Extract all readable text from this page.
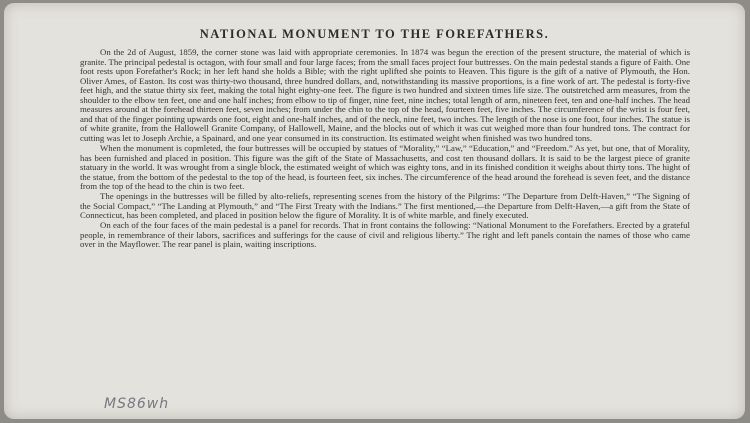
NATIONAL MONUMENT TO THE FOREFATHERS.

On the 2d of August, 1859, the corner stone was laid with appropriate ceremonies. In 1874 was begun the erection of the present structure, the material of which is granite. The principal pedestal is octagon, with four small and four large faces; from the small faces project four buttresses. On the main pedestal stands a figure of Faith. One foot rests upon Forefather's Rock; in her left hand she holds a Bible; with the right uplifted she points to Heaven. This figure is the gift of a native of Plymouth, the Hon. Oliver Ames, of Easton. Its cost was thirty-two thousand, three hundred dollars, and, notwithstanding its massive proportions, is a fine work of art. The pedestal is forty-five feet high, and the statue thirty six feet, making the total hight eighty-one feet. The figure is two hundred and sixteen times life size. The outstretched arm measures, from the shoulder to the elbow ten feet, one and one half inches; from elbow to tip of finger, nine feet, nine inches; total length of arm, nineteen feet, ten and one-half inches. The head measures around at the forehead thirteen feet, seven inches; from under the chin to the top of the head, fourteen feet, five inches. The circumference of the wrist is four feet, and that of the finger pointing upwards one foot, eight and one-half inches, and of the neck, nine feet, two inches. The length of the nose is one foot, four inches. The statue is of white granite, from the Hallowell Granite Company, of Hallowell, Maine, and the blocks out of which it was cut weighed more than four hundred tons. The contract for cutting was let to Joseph Archie, a Spainard, and one year consumed in its construction. Its estimated weight when finished was two hundred tons.

When the monument is copmleted, the four buttresses will be occupied by statues of “Morality,” “Law,” “Education,” and “Freedom.” As yet, but one, that of Morality, has been furnished and placed in position. This figure was the gift of the State of Massachusetts, and cost ten thousand dollars. It is said to be the largest piece of granite statuary in the world. It was wrought from a single block, the estimated weight of which was eighty tons, and in its finished condition it weighs about thirty tons. The hight of the statue, from the bottom of the pedestal to the top of the head, is fourteen feet, six inches. The circumference of the head around the forehead is seven feet, and the distance from the top of the head to the chin is two feet.

The openings in the buttresses will be filled by alto-reliefs, representing scenes from the history of the Pilgrims: “The Departure from Delft-Haven,” “The Signing of the Social Compact,” “The Landing at Plymouth,” and “The First Treaty with the Indians.” The first mentioned,—the Departure from Delft-Haven,—a gift from the State of Connecticut, has been completed, and placed in position below the figure of Morality. It is of white marble, and finely executed.

On each of the four faces of the main pedestal is a panel for records. That in front contains the following: “National Monument to the Forefathers. Erected by a grateful people, in remembrance of their labors, sacrifices and sufferings for the cause of civil and religious liberty.” The right and left panels contain the names of those who came over in the Mayflower. The rear panel is plain, waiting inscriptions.

MS86wh
